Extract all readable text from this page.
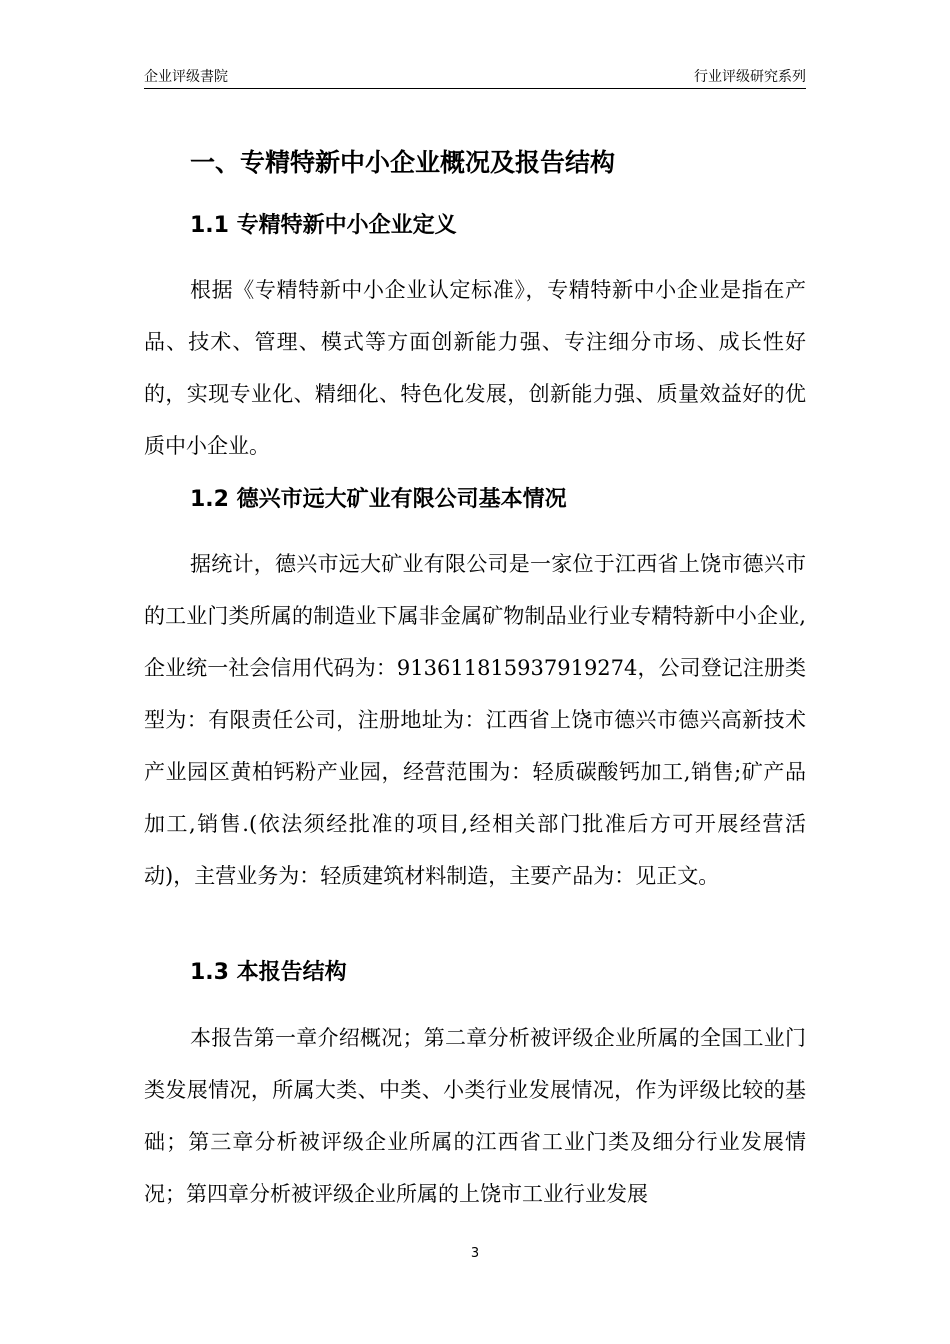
企业评级書院	行业评级研究系列
一、专精特新中小企业概况及报告结构
1.1 专精特新中小企业定义

根据《专精特新中小企业认定标准》，专精特新中小企业是指在产品、技术、管理、模式等方面创新能力强、专注细分市场、成长性好的，实现专业化、精细化、特色化发展，创新能力强、质量效益好的优质中小企业。

1.2 德兴市远大矿业有限公司基本情况

据统计，德兴市远大矿业有限公司是一家位于江西省上饶市德兴市的工业门类所属的制造业下属非金属矿物制品业行业专精特新中小企业,企业统一社会信用代码为：913611815937919274，公司登记注册类型为：有限责任公司，注册地址为：江西省上饶市德兴市德兴高新技术产业园区黄柏钙粉产业园，经营范围为：轻质碳酸钙加工,销售;矿产品加工,销售.(依法须经批准的项目,经相关部门批准后方可开展经营活动)，主营业务为：轻质建筑材料制造，主要产品为：见正文。

1.3 本报告结构

本报告第一章介绍概况；第二章分析被评级企业所属的全国工业门类发展情况，所属大类、中类、小类行业发展情况，作为评级比较的基础；第三章分析被评级企业所属的江西省工业门类及细分行业发展情况；第四章分析被评级企业所属的上饶市工业行业发展

3
